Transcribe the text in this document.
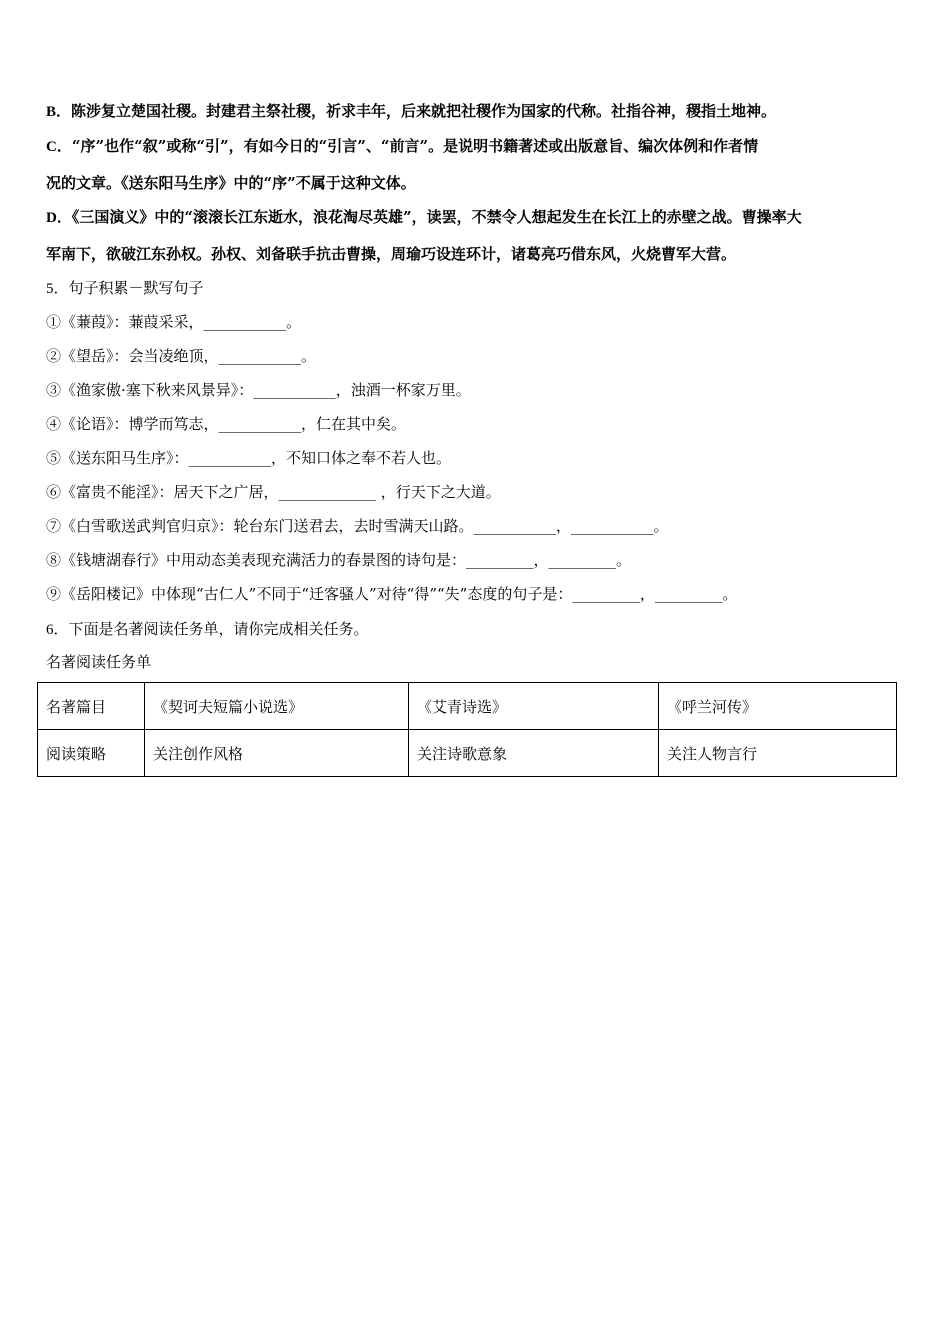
B．陈涉复立楚国社稷。封建君主祭社稷，祈求丰年，后来就把社稷作为国家的代称。社指谷神，稷指土地神。
C．“序”也作“叙”或称“引”，有如今日的“引言”、“前言”。是说明书籍著述或出版意旨、编次体例和作者情
况的文章。《送东阳马生序》中的“序”不属于这种文体。
D．《三国演义》中的“滚滚长江东逝水，浪花淘尽英雄”，读罢，不禁令人想起发生在长江上的赤壁之战。曹操率大
军南下，欲破江东孙权。孙权、刘备联手抗击曹操，周瑜巧设连环计，诸葛亮巧借东风，火烧曹军大营。
5．句子积累－默写句子
①《蒹葭》：蒹葭采采，___________。
②《望岳》：会当凌绝顶，___________。
③《渔家傲·塞下秋来风景异》：___________，浊酒一杯家万里。
④《论语》：博学而笃志，___________，仁在其中矣。
⑤《送东阳马生序》：___________，不知口体之奉不若人也。
⑥《富贵不能淫》：居天下之广居，_____________ ，行天下之大道。
⑦《白雪歌送武判官归京》：轮台东门送君去，去时雪满天山路。___________，___________。
⑧《钱塘湖春行》中用动态美表现充满活力的春景图的诗句是：_________，_________。
⑨《岳阳楼记》中体现“古仁人”不同于“迁客骚人”对待“得”“失”态度的句子是：_________，_________。
6．下面是名著阅读任务单，请你完成相关任务。
名著阅读任务单
名著篇目	《契诃夫短篇小说选》	《艾青诗选》	《呼兰河传》
阅读策略	关注创作风格	关注诗歌意象	关注人物言行
